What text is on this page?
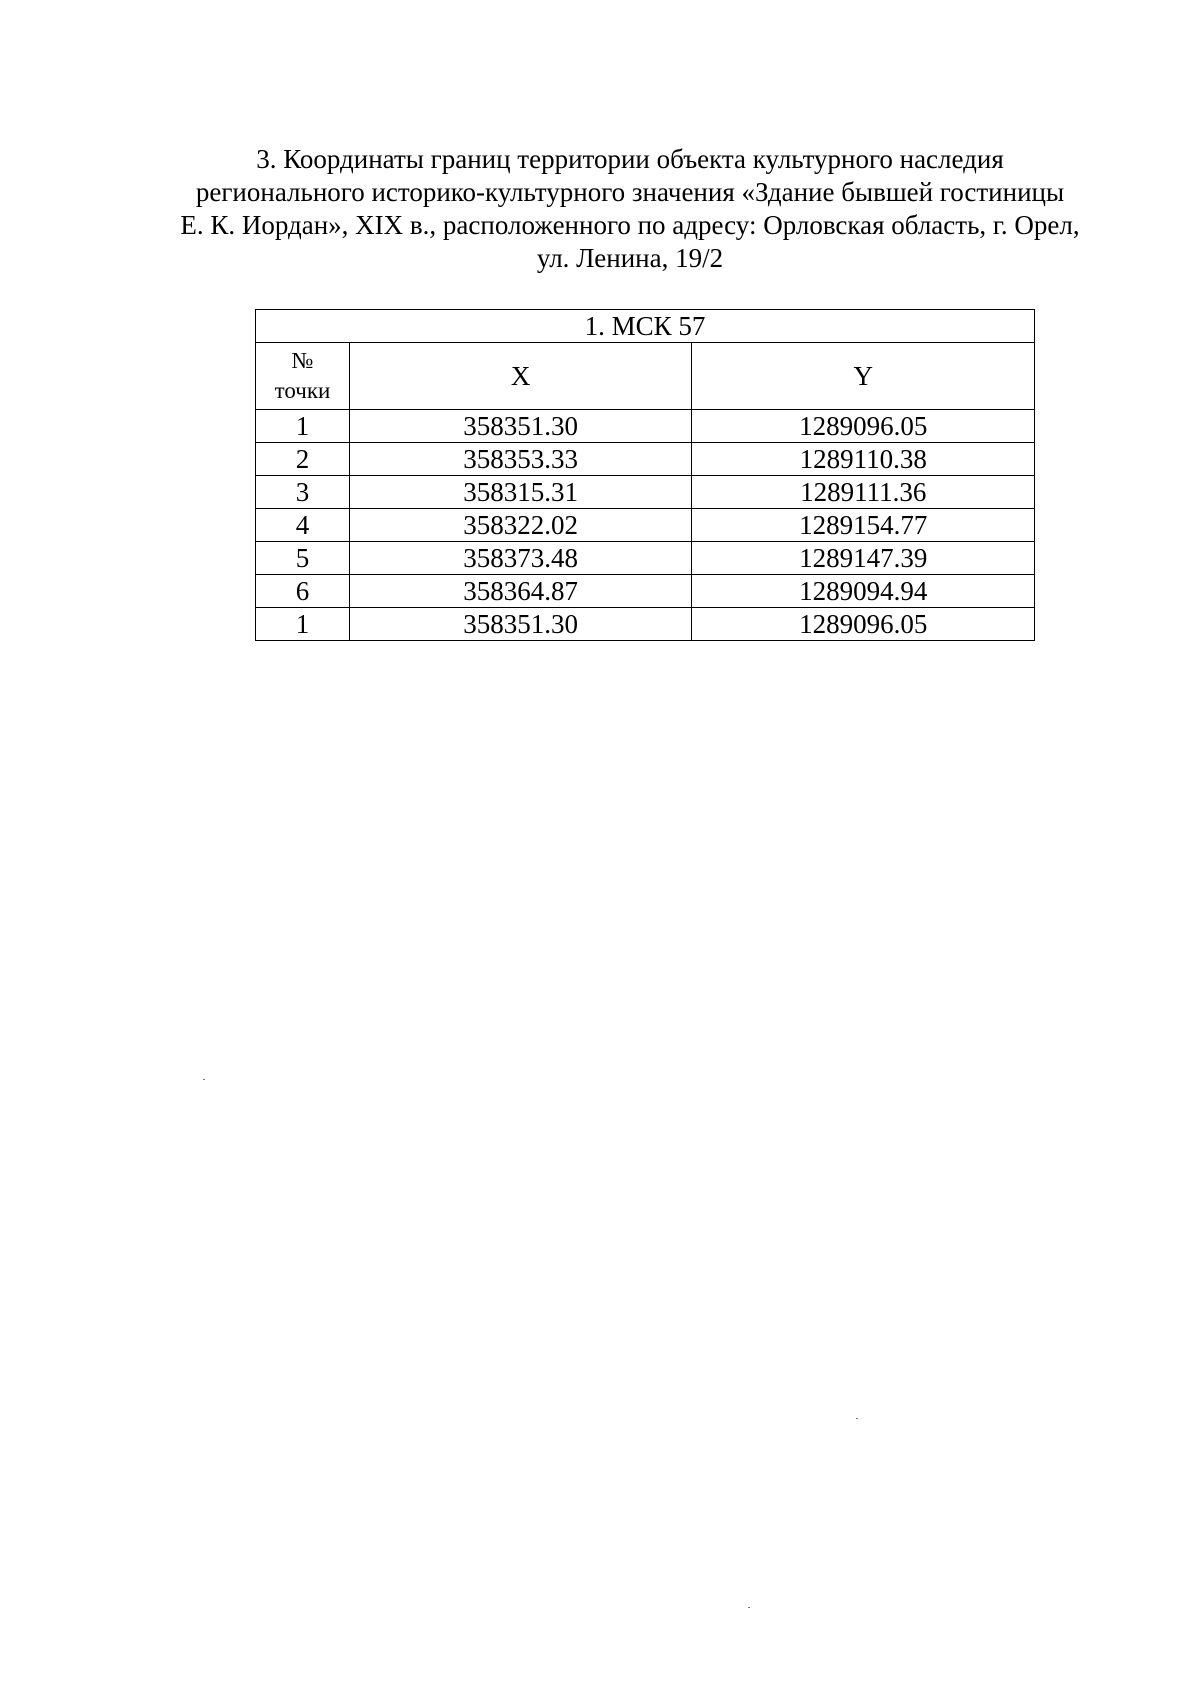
3. Координаты границ территории объекта культурного наследия
регионального историко-культурного значения «Здание бывшей гостиницы
Е. К. Иордан», XIX в., расположенного по адресу: Орловская область, г. Орел,
ул. Ленина, 19/2
1. МСК 57		

№
точки	X	Y
1	358351.30	1289096.05
2	358353.33	1289110.38
3	358315.31	1289111.36
4	358322.02	1289154.77
5	358373.48	1289147.39
6	358364.87	1289094.94
1	358351.30	1289096.05
